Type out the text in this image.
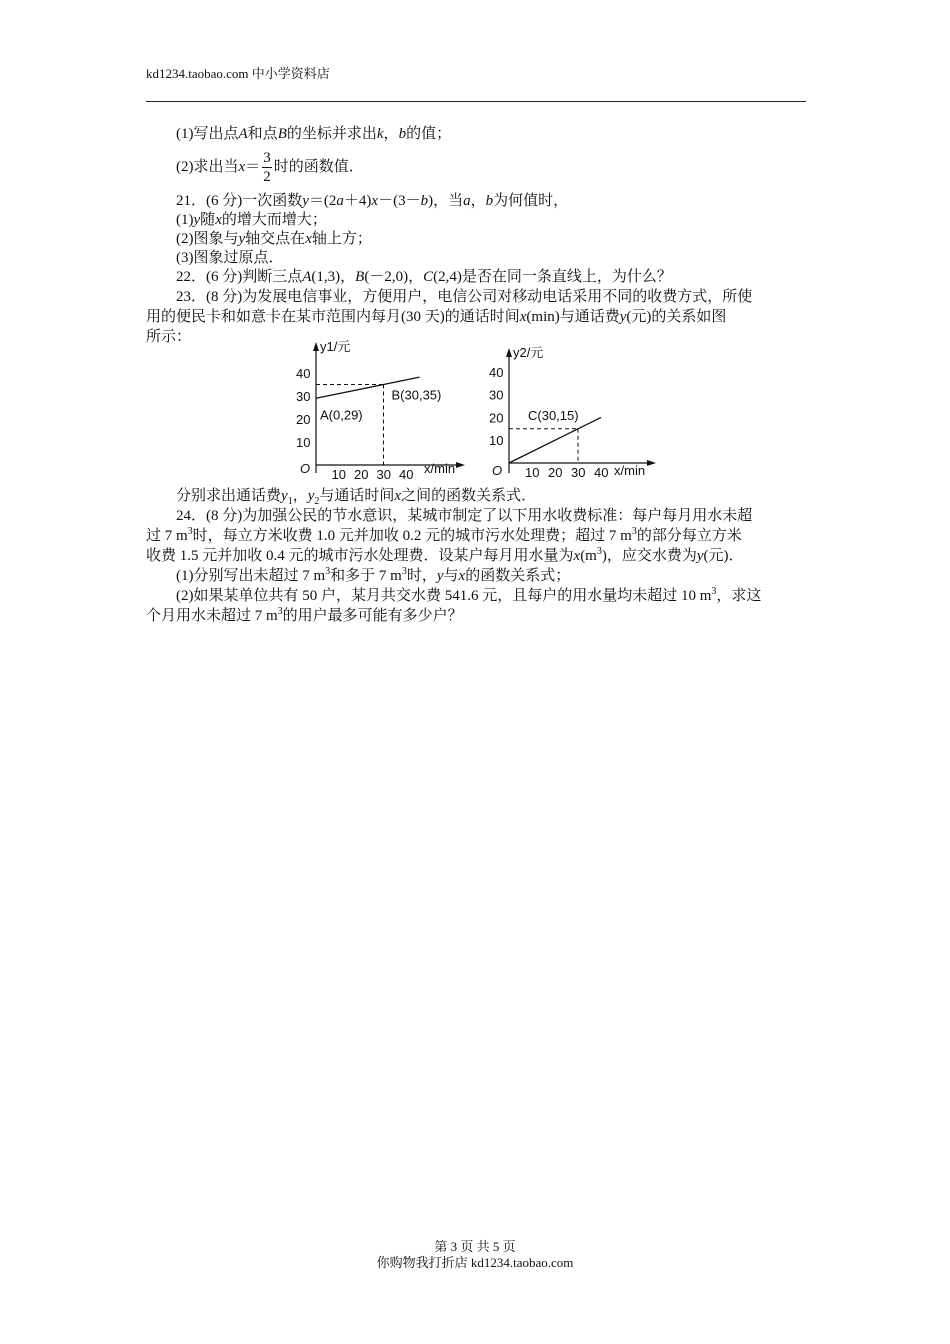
kd1234.taobao.com 中小学资料店
(1)写出点A和点B的坐标并求出k，b的值；
(2)求出当$x= \frac{3}{2}$ 时的函数值．
21．(6 分)一次函数y＝(2a＋4)x－(3－b)，当a，b为何值时，
(1)y随x的增大而增大；
(2)图象与y轴交点在x轴上方；
(3)图象过原点．
22．(6 分)判断三点A(1,3)，B(－2,0)，C(2,4)是否在同一条直线上，为什么？
23．(8 分)为发展电信事业，方便用户，电信公司对移动电话采用不同的收费方式，所使
用的便民卡和如意卡在某市范围内每月(30 天)的通话时间x(min)与通话费y(元)的关系如图
所示：
y1/元
O	x/min
10 20 30 40
10
20
30
40
A(0,29)
B(30,35)
y2/元
O	x/min
10 20 30 40
10
20
30
40
C(30,15)
分别求出通话费$y_1$，$y_2$与通话时间x之间的函数关系式．
24．(8 分)为加强公民的节水意识，某城市制定了以下用水收费标准：每户每月用水未超
过 7 $m^3$时，每立方米收费 1.0 元并加收 0.2 元的城市污水处理费；超过 7 $m^3$的部分每立方米
收费 1.5 元并加收 0.4 元的城市污水处理费．设某户每月用水量为$x(m^3)$，应交水费为y(元)．
(1)分别写出未超过 7 $m^3$和多于 7 $m^3$时，y与x的函数关系式；
(2)如果某单位共有 50 户，某月共交水费 541.6 元，且每户的用水量均未超过 10 $m^3$，求这
个月用水未超过 7 $m^3$的用户最多可能有多少户？
第 3 页 共 5 页
你购物我打折店 kd1234.taobao.com
